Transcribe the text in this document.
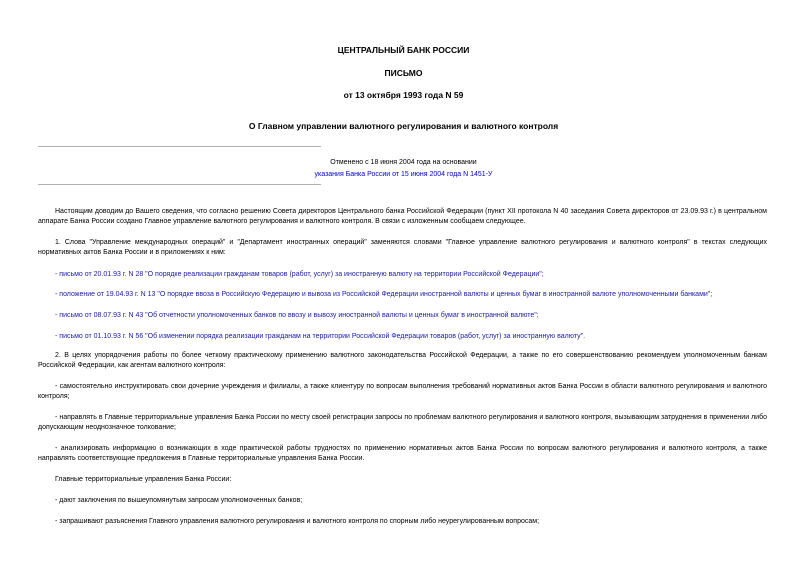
ЦЕНТРАЛЬНЫЙ БАНК РОССИИ
ПИСЬМО
от 13 октября 1993 года N 59
О Главном управлении валютного регулирования и валютного контроля
Отменено с 18 июня 2004 года на основании
указания Банка России от 15 июня 2004 года N 1451-У

Настоящим доводим до Вашего сведения, что согласно решению Совета директоров Центрального банка Российской Федерации (пункт XII протокола N 40 заседания Совета директоров от 23.09.93 г.) в центральном аппарате Банка России создано Главное управление валютного регулирования и валютного контроля. В связи с изложенным сообщаем следующее.

1. Слова "Управление международных операций" и "Департамент иностранных операций" заменяются словами "Главное управление валютного регулирования и валютного контроля" в текстах следующих нормативных актов Банка России и в приложениях к ним:

- письмо от 20.01.93 г. N 28 "О порядке реализации гражданам товаров (работ, услуг) за иностранную валюту на территории Российской Федерации";

- положение от 19.04.93 г. N 13 "О порядке ввоза в Российскую Федерацию и вывоза из Российской Федерации иностранной валюты и ценных бумаг в иностранной валюте уполномоченными банками";

- письмо от 08.07.93 г. N 43 "Об отчетности уполномоченных банков по ввозу и вывозу иностранной валюты и ценных бумаг в иностранной валюте";

- письмо от 01.10.93 г. N 56 "Об изменении порядка реализации гражданам на территории Российской Федерации товаров (работ, услуг) за иностранную валюту".

2. В целях упорядочения работы по более четкому практическому применению валютного законодательства Российской Федерации, а также по его совершенствованию рекомендуем уполномоченным банкам Российской Федерации, как агентам валютного контроля:

- самостоятельно инструктировать свои дочерние учреждения и филиалы, а также клиентуру по вопросам выполнения требований нормативных актов Банка России в области валютного регулирования и валютного контроля;

- направлять в Главные территориальные управления Банка России по месту своей регистрации запросы по проблемам валютного регулирования и валютного контроля, вызывающим затруднения в применении либо допускающим неоднозначное толкование;

- анализировать информацию о возникающих в ходе практической работы трудностях по применению нормативных актов Банка России по вопросам валютного регулирования и валютного контроля, а также направлять соответствующие предложения в Главные территориальные управления Банка России.

Главные территориальные управления Банка России:

- дают заключения по вышеупомянутым запросам уполномоченных банков;

- запрашивают разъяснения Главного управления валютного регулирования и валютного контроля по спорным либо неурегулированным вопросам;
